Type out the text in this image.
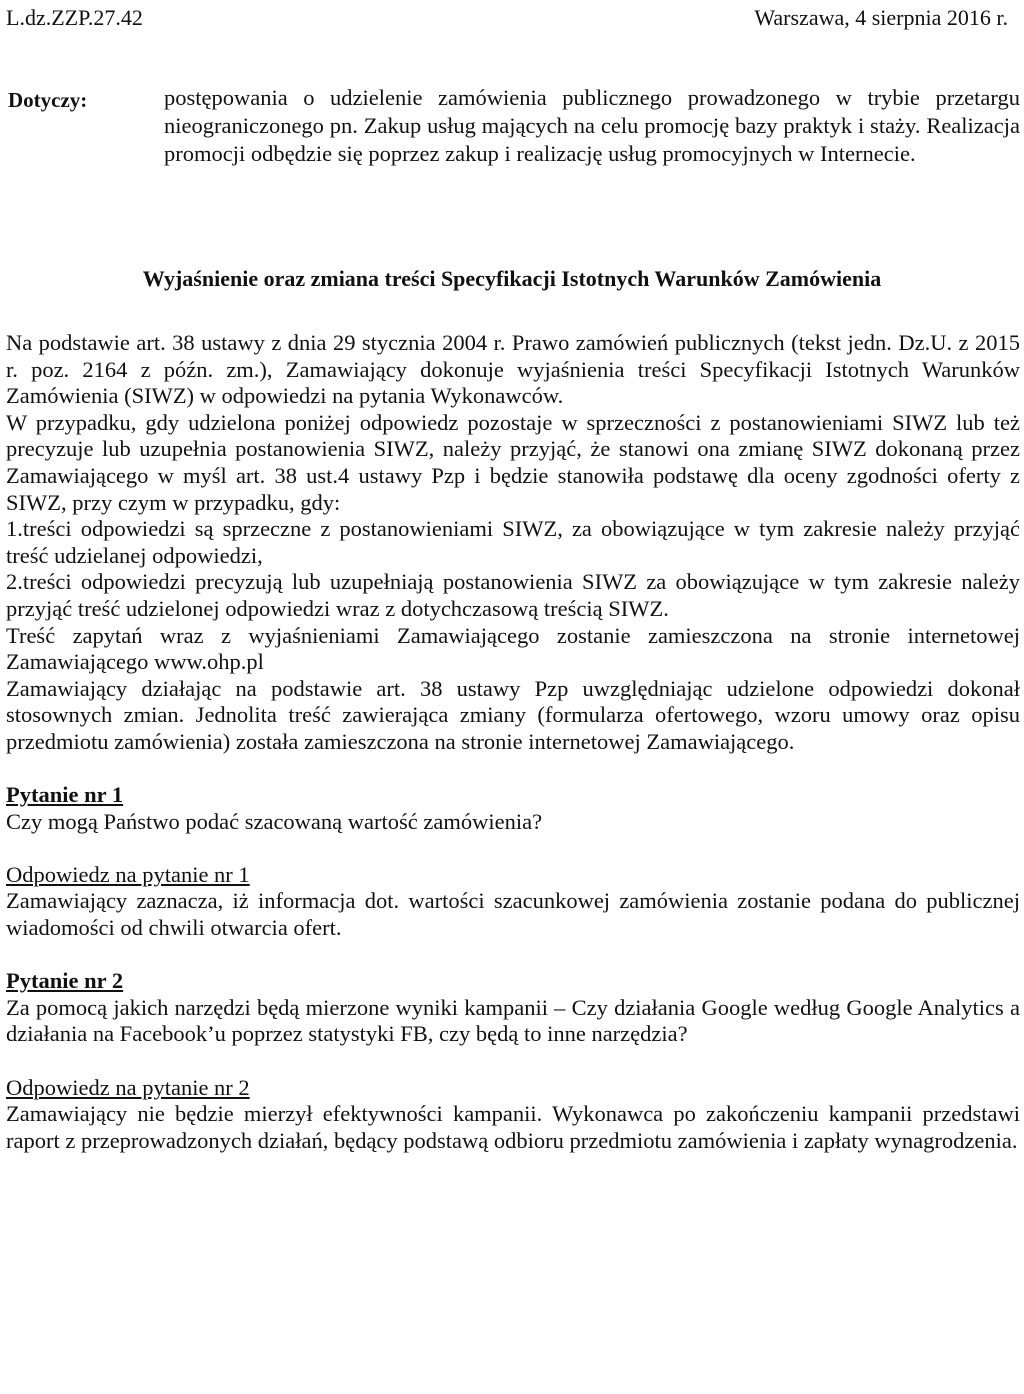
L.dz.ZZP.27.42	Warszawa, 4 sierpnia 2016 r.
Dotyczy:	postępowania o udzielenie zamówienia publicznego prowadzonego w trybie przetargu nieograniczonego pn. Zakup usług mających na celu promocję bazy praktyk i staży. Realizacja promocji odbędzie się poprzez zakup i realizację usług promocyjnych w Internecie.

Wyjaśnienie oraz zmiana treści Specyfikacji Istotnych Warunków Zamówienia

Na podstawie art. 38 ustawy z dnia 29 stycznia 2004 r. Prawo zamówień publicznych (tekst jedn. Dz.U. z 2015 r. poz. 2164 z późn. zm.), Zamawiający dokonuje wyjaśnienia treści Specyfikacji Istotnych Warunków Zamówienia (SIWZ) w odpowiedzi na pytania Wykonawców.

W przypadku, gdy udzielona poniżej odpowiedz pozostaje w sprzeczności z postanowieniami SIWZ lub też precyzuje lub uzupełnia postanowienia SIWZ, należy przyjąć, że stanowi ona zmianę SIWZ dokonaną przez Zamawiającego w myśl art. 38 ust.4 ustawy Pzp i będzie stanowiła podstawę dla oceny zgodności oferty z SIWZ, przy czym w przypadku, gdy:

1.treści odpowiedzi są sprzeczne z postanowieniami SIWZ, za obowiązujące w tym zakresie należy przyjąć treść udzielanej odpowiedzi,

2.treści odpowiedzi precyzują lub uzupełniają postanowienia SIWZ za obowiązujące w tym zakresie należy przyjąć treść udzielonej odpowiedzi wraz z dotychczasową treścią SIWZ.

Treść zapytań wraz z wyjaśnieniami Zamawiającego zostanie zamieszczona na stronie internetowej Zamawiającego www.ohp.pl

Zamawiający działając na podstawie art. 38 ustawy Pzp uwzględniając udzielone odpowiedzi dokonał stosownych zmian. Jednolita treść zawierająca zmiany (formularza ofertowego, wzoru umowy oraz opisu przedmiotu zamówienia) została zamieszczona na stronie internetowej Zamawiającego.

Pytanie nr 1

Czy mogą Państwo podać szacowaną wartość zamówienia?

Odpowiedz na pytanie nr 1

Zamawiający zaznacza, iż informacja dot. wartości szacunkowej zamówienia zostanie podana do publicznej wiadomości od chwili otwarcia ofert.

Pytanie nr 2

Za pomocą jakich narzędzi będą mierzone wyniki kampanii – Czy działania Google według Google Analytics a działania na Facebook’u poprzez statystyki FB, czy będą to inne narzędzia?

Odpowiedz na pytanie nr 2

Zamawiający nie będzie mierzył efektywności kampanii. Wykonawca po zakończeniu kampanii przedstawi raport z przeprowadzonych działań, będący podstawą odbioru przedmiotu zamówienia i zapłaty wynagrodzenia.
